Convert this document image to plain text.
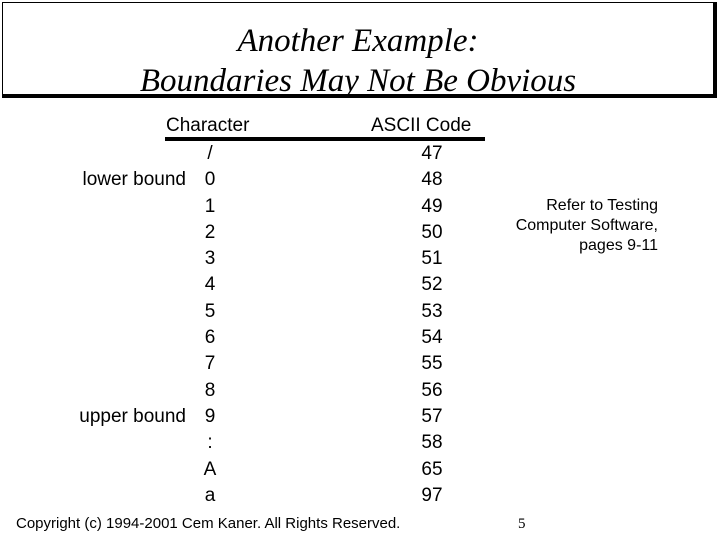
Another Example:
Boundaries May Not Be Obvious
Character	ASCII Code
/	47
lower bound 0	48
1	49
2	50
3	51
4	52
5	53
6	54
7	55
8	56
upper bound 9	57
:	58
A	65
a	97
Refer to Testing
Computer Software,
pages 9-11
Copyright (c) 1994-2001 Cem Kaner. All Rights Reserved.	5
